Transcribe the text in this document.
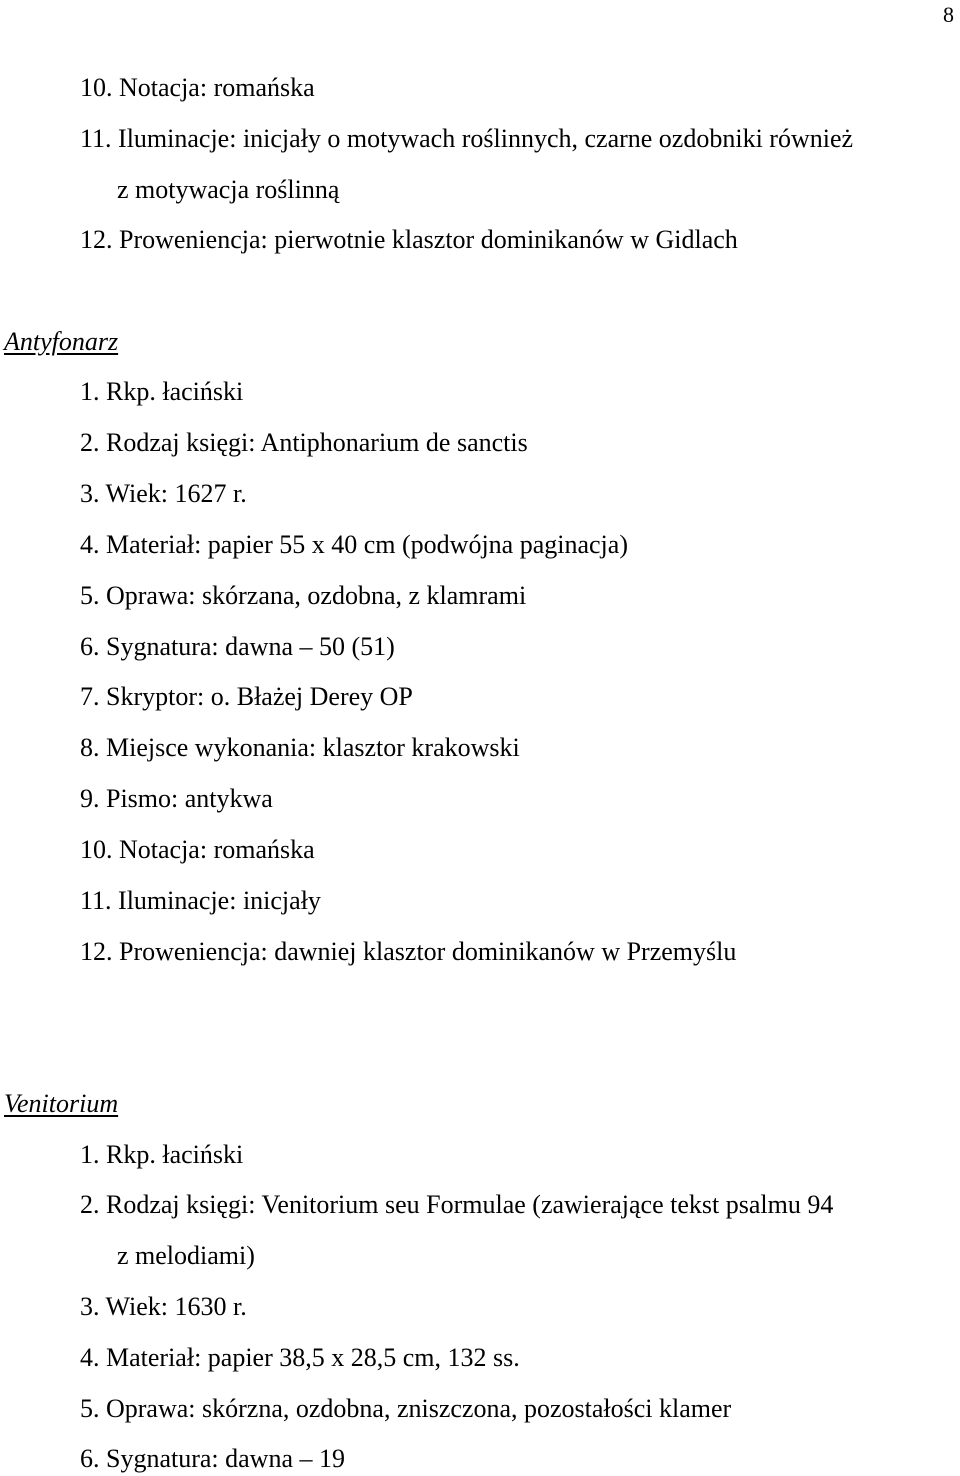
8
10. Notacja: romańska
11. Iluminacje: inicjały o motywach roślinnych, czarne ozdobniki również
z motywacja roślinną
12. Proweniencja: pierwotnie klasztor dominikanów w Gidlach
Antyfonarz
1. Rkp. łaciński
2. Rodzaj księgi: Antiphonarium de sanctis
3. Wiek: 1627 r.
4. Materiał: papier 55 x 40 cm (podwójna paginacja)
5. Oprawa: skórzana, ozdobna, z klamrami
6. Sygnatura: dawna – 50 (51)
7. Skryptor: o. Błażej Derey OP
8. Miejsce wykonania: klasztor krakowski
9. Pismo: antykwa
10. Notacja: romańska
11. Iluminacje: inicjały
12. Proweniencja: dawniej klasztor dominikanów w Przemyślu
Venitorium
1. Rkp. łaciński
2. Rodzaj księgi: Venitorium seu Formulae (zawierające tekst psalmu 94
z melodiami)
3. Wiek: 1630 r.
4. Materiał: papier 38,5 x 28,5 cm, 132 ss.
5. Oprawa: skórzna, ozdobna, zniszczona, pozostałości klamer
6. Sygnatura: dawna – 19
